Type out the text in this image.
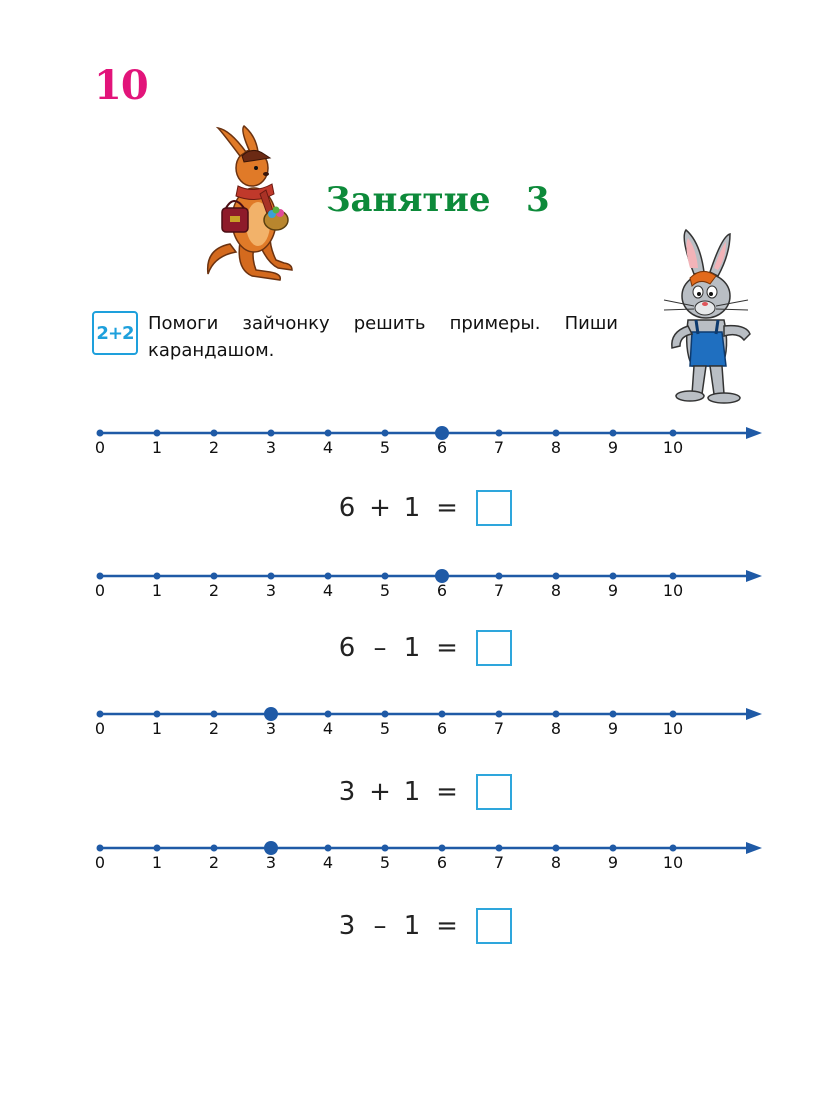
10
Занятие   3
2+2 Помоги зайчонку решить примеры. Пиши карандашом.
0	1	2	3	4	5	6	7	8	9	10
6 + 1 =
0	1	2	3	4	5	6	7	8	9	10
6 – 1 =
0	1	2	3	4	5	6	7	8	9	10
3 + 1 =
0	1	2	3	4	5	6	7	8	9	10
3 – 1 =
